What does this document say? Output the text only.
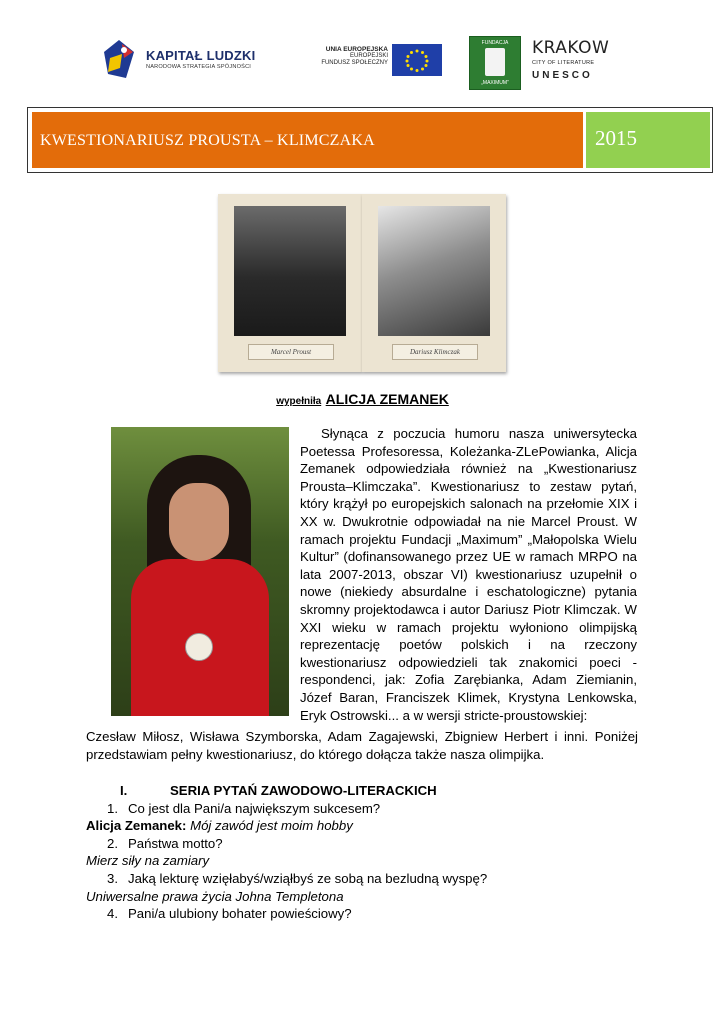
KAPITAŁ LUDZKI
NARODOWA STRATEGIA SPÓJNOŚCI
UNIA EUROPEJSKA
EUROPEJSKI
FUNDUSZ SPOŁECZNY
FUNDACJA
„MAXIMUM”
KRAKOW
CITY OF LITERATURE
UNESCO
KWESTIONARIUSZ PROUSTA – KLIMCZAKA	2015
Marcel Proust	Dariusz Klimczak
wypełniła ALICJA ZEMANEK

Słynąca z poczucia humoru nasza uniwersytecka Poetessa Profesoressa, Koleżanka-ZLePowianka, Alicja Zemanek odpowiedziała również na „Kwestionariusz Prousta–Klimczaka”. Kwestionariusz to zestaw pytań, który krążył po europejskich salonach na przełomie XIX i XX w. Dwukrotnie odpowiadał na nie Marcel Proust. W ramach projektu Fundacji „Maximum” „Małopolska Wielu Kultur” (dofinansowanego przez UE w ramach MRPO na lata 2007-2013, obszar VI) kwestionariusz uzupełnił o nowe (niekiedy absurdalne i eschatologiczne) pytania skromny projektodawca i autor Dariusz Piotr Klimczak. W XXI wieku w ramach projektu wyłoniono olimpijską reprezentację poetów polskich i na rzeczony kwestionariusz odpowiedzieli tak znakomici poeci -respondenci, jak: Zofia Zarębianka, Adam Ziemianin, Józef Baran, Franciszek Klimek, Krystyna Lenkowska, Eryk Ostrowski... a w wersji stricte-proustowskiej:

Czesław Miłosz, Wisława Szymborska, Adam Zagajewski, Zbigniew Herbert i inni. Poniżej przedstawiam pełny kwestionariusz, do którego dołącza także nasza olimpijka.

I.	SERIA PYTAŃ ZAWODOWO-LITERACKICH
1. Co jest dla Pani/a największym sukcesem?
Alicja Zemanek: Mój zawód jest moim hobby
2. Państwa motto?
Mierz siły na zamiary
3. Jaką lekturę wzięłabyś/wziąłbyś ze sobą na bezludną wyspę?
Uniwersalne prawa życia Johna Templetona
4. Pani/a ulubiony bohater powieściowy?
